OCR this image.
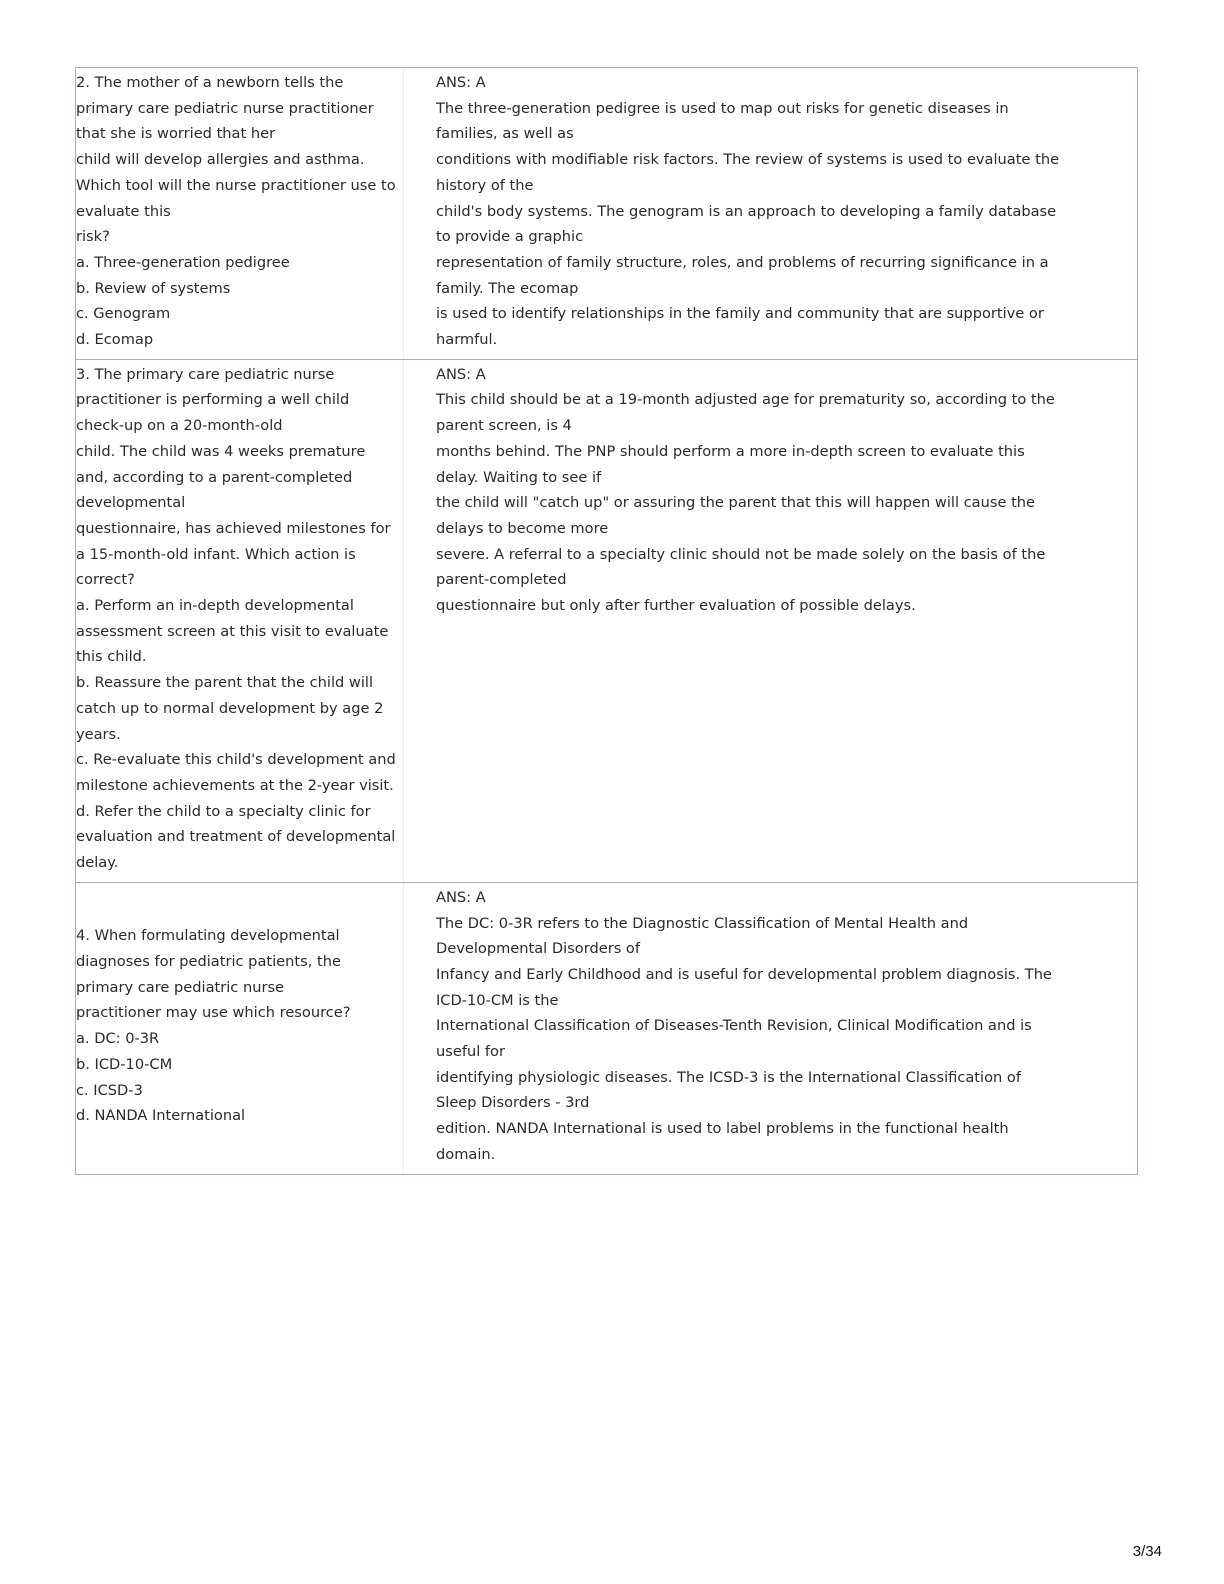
2. The mother of a newborn tells the

primary care pediatric nurse practitioner

that she is worried that her

child will develop allergies and asthma.

Which tool will the nurse practitioner use to

evaluate this

risk?

a. Three-generation pedigree

b. Review of systems

c. Genogram

d. Ecomap

ANS: A

The three-generation pedigree is used to map out risks for genetic diseases in

families, as well as

conditions with modifiable risk factors. The review of systems is used to evaluate the

history of the

child's body systems. The genogram is an approach to developing a family database

to provide a graphic

representation of family structure, roles, and problems of recurring significance in a

family. The ecomap

is used to identify relationships in the family and community that are supportive or

harmful.

3. The primary care pediatric nurse

practitioner is performing a well child

check-up on a 20-month-old

child. The child was 4 weeks premature

and, according to a parent-completed

developmental

questionnaire, has achieved milestones for

a 15-month-old infant. Which action is

correct?

a. Perform an in-depth developmental

assessment screen at this visit to evaluate

this child.

b. Reassure the parent that the child will

catch up to normal development by age 2

years.

c. Re-evaluate this child's development and

milestone achievements at the 2-year visit.

d. Refer the child to a specialty clinic for

evaluation and treatment of developmental

delay.

ANS: A

This child should be at a 19-month adjusted age for prematurity so, according to the

parent screen, is 4

months behind. The PNP should perform a more in-depth screen to evaluate this

delay. Waiting to see if

the child will "catch up" or assuring the parent that this will happen will cause the

delays to become more

severe. A referral to a specialty clinic should not be made solely on the basis of the

parent-completed

questionnaire but only after further evaluation of possible delays.

4. When formulating developmental

diagnoses for pediatric patients, the

primary care pediatric nurse

practitioner may use which resource?

a. DC: 0-3R

b. ICD-10-CM

c. ICSD-3

d. NANDA International

ANS: A

The DC: 0-3R refers to the Diagnostic Classification of Mental Health and

Developmental Disorders of

Infancy and Early Childhood and is useful for developmental problem diagnosis. The

ICD-10-CM is the

International Classification of Diseases-Tenth Revision, Clinical Modification and is

useful for

identifying physiologic diseases. The ICSD-3 is the International Classification of

Sleep Disorders - 3rd

edition. NANDA International is used to label problems in the functional health

domain.

3/34
